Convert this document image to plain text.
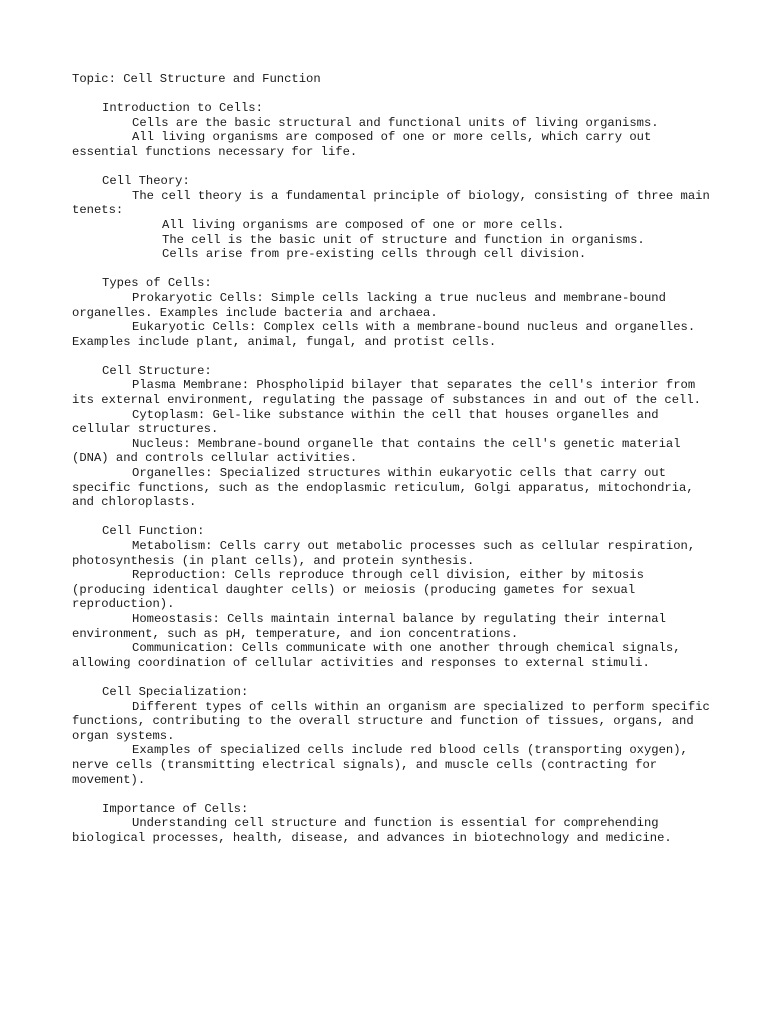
Topic: Cell Structure and Function

Introduction to Cells:

Cells are the basic structural and functional units of living organisms.

All living organisms are composed of one or more cells, which carry out essential functions necessary for life.

Cell Theory:

The cell theory is a fundamental principle of biology, consisting of three main tenets:

All living organisms are composed of one or more cells.

The cell is the basic unit of structure and function in organisms.

Cells arise from pre-existing cells through cell division.

Types of Cells:

Prokaryotic Cells: Simple cells lacking a true nucleus and membrane-bound organelles. Examples include bacteria and archaea.

Eukaryotic Cells: Complex cells with a membrane-bound nucleus and organelles. Examples include plant, animal, fungal, and protist cells.

Cell Structure:

Plasma Membrane: Phospholipid bilayer that separates the cell's interior from its external environment, regulating the passage of substances in and out of the cell.

Cytoplasm: Gel-like substance within the cell that houses organelles and cellular structures.

Nucleus: Membrane-bound organelle that contains the cell's genetic material (DNA) and controls cellular activities.

Organelles: Specialized structures within eukaryotic cells that carry out specific functions, such as the endoplasmic reticulum, Golgi apparatus, mitochondria, and chloroplasts.

Cell Function:

Metabolism: Cells carry out metabolic processes such as cellular respiration, photosynthesis (in plant cells), and protein synthesis.

Reproduction: Cells reproduce through cell division, either by mitosis (producing identical daughter cells) or meiosis (producing gametes for sexual reproduction).

Homeostasis: Cells maintain internal balance by regulating their internal environment, such as pH, temperature, and ion concentrations.

Communication: Cells communicate with one another through chemical signals, allowing coordination of cellular activities and responses to external stimuli.

Cell Specialization:

Different types of cells within an organism are specialized to perform specific functions, contributing to the overall structure and function of tissues, organs, and organ systems.

Examples of specialized cells include red blood cells (transporting oxygen), nerve cells (transmitting electrical signals), and muscle cells (contracting for movement).

Importance of Cells:

Understanding cell structure and function is essential for comprehending biological processes, health, disease, and advances in biotechnology and medicine.
